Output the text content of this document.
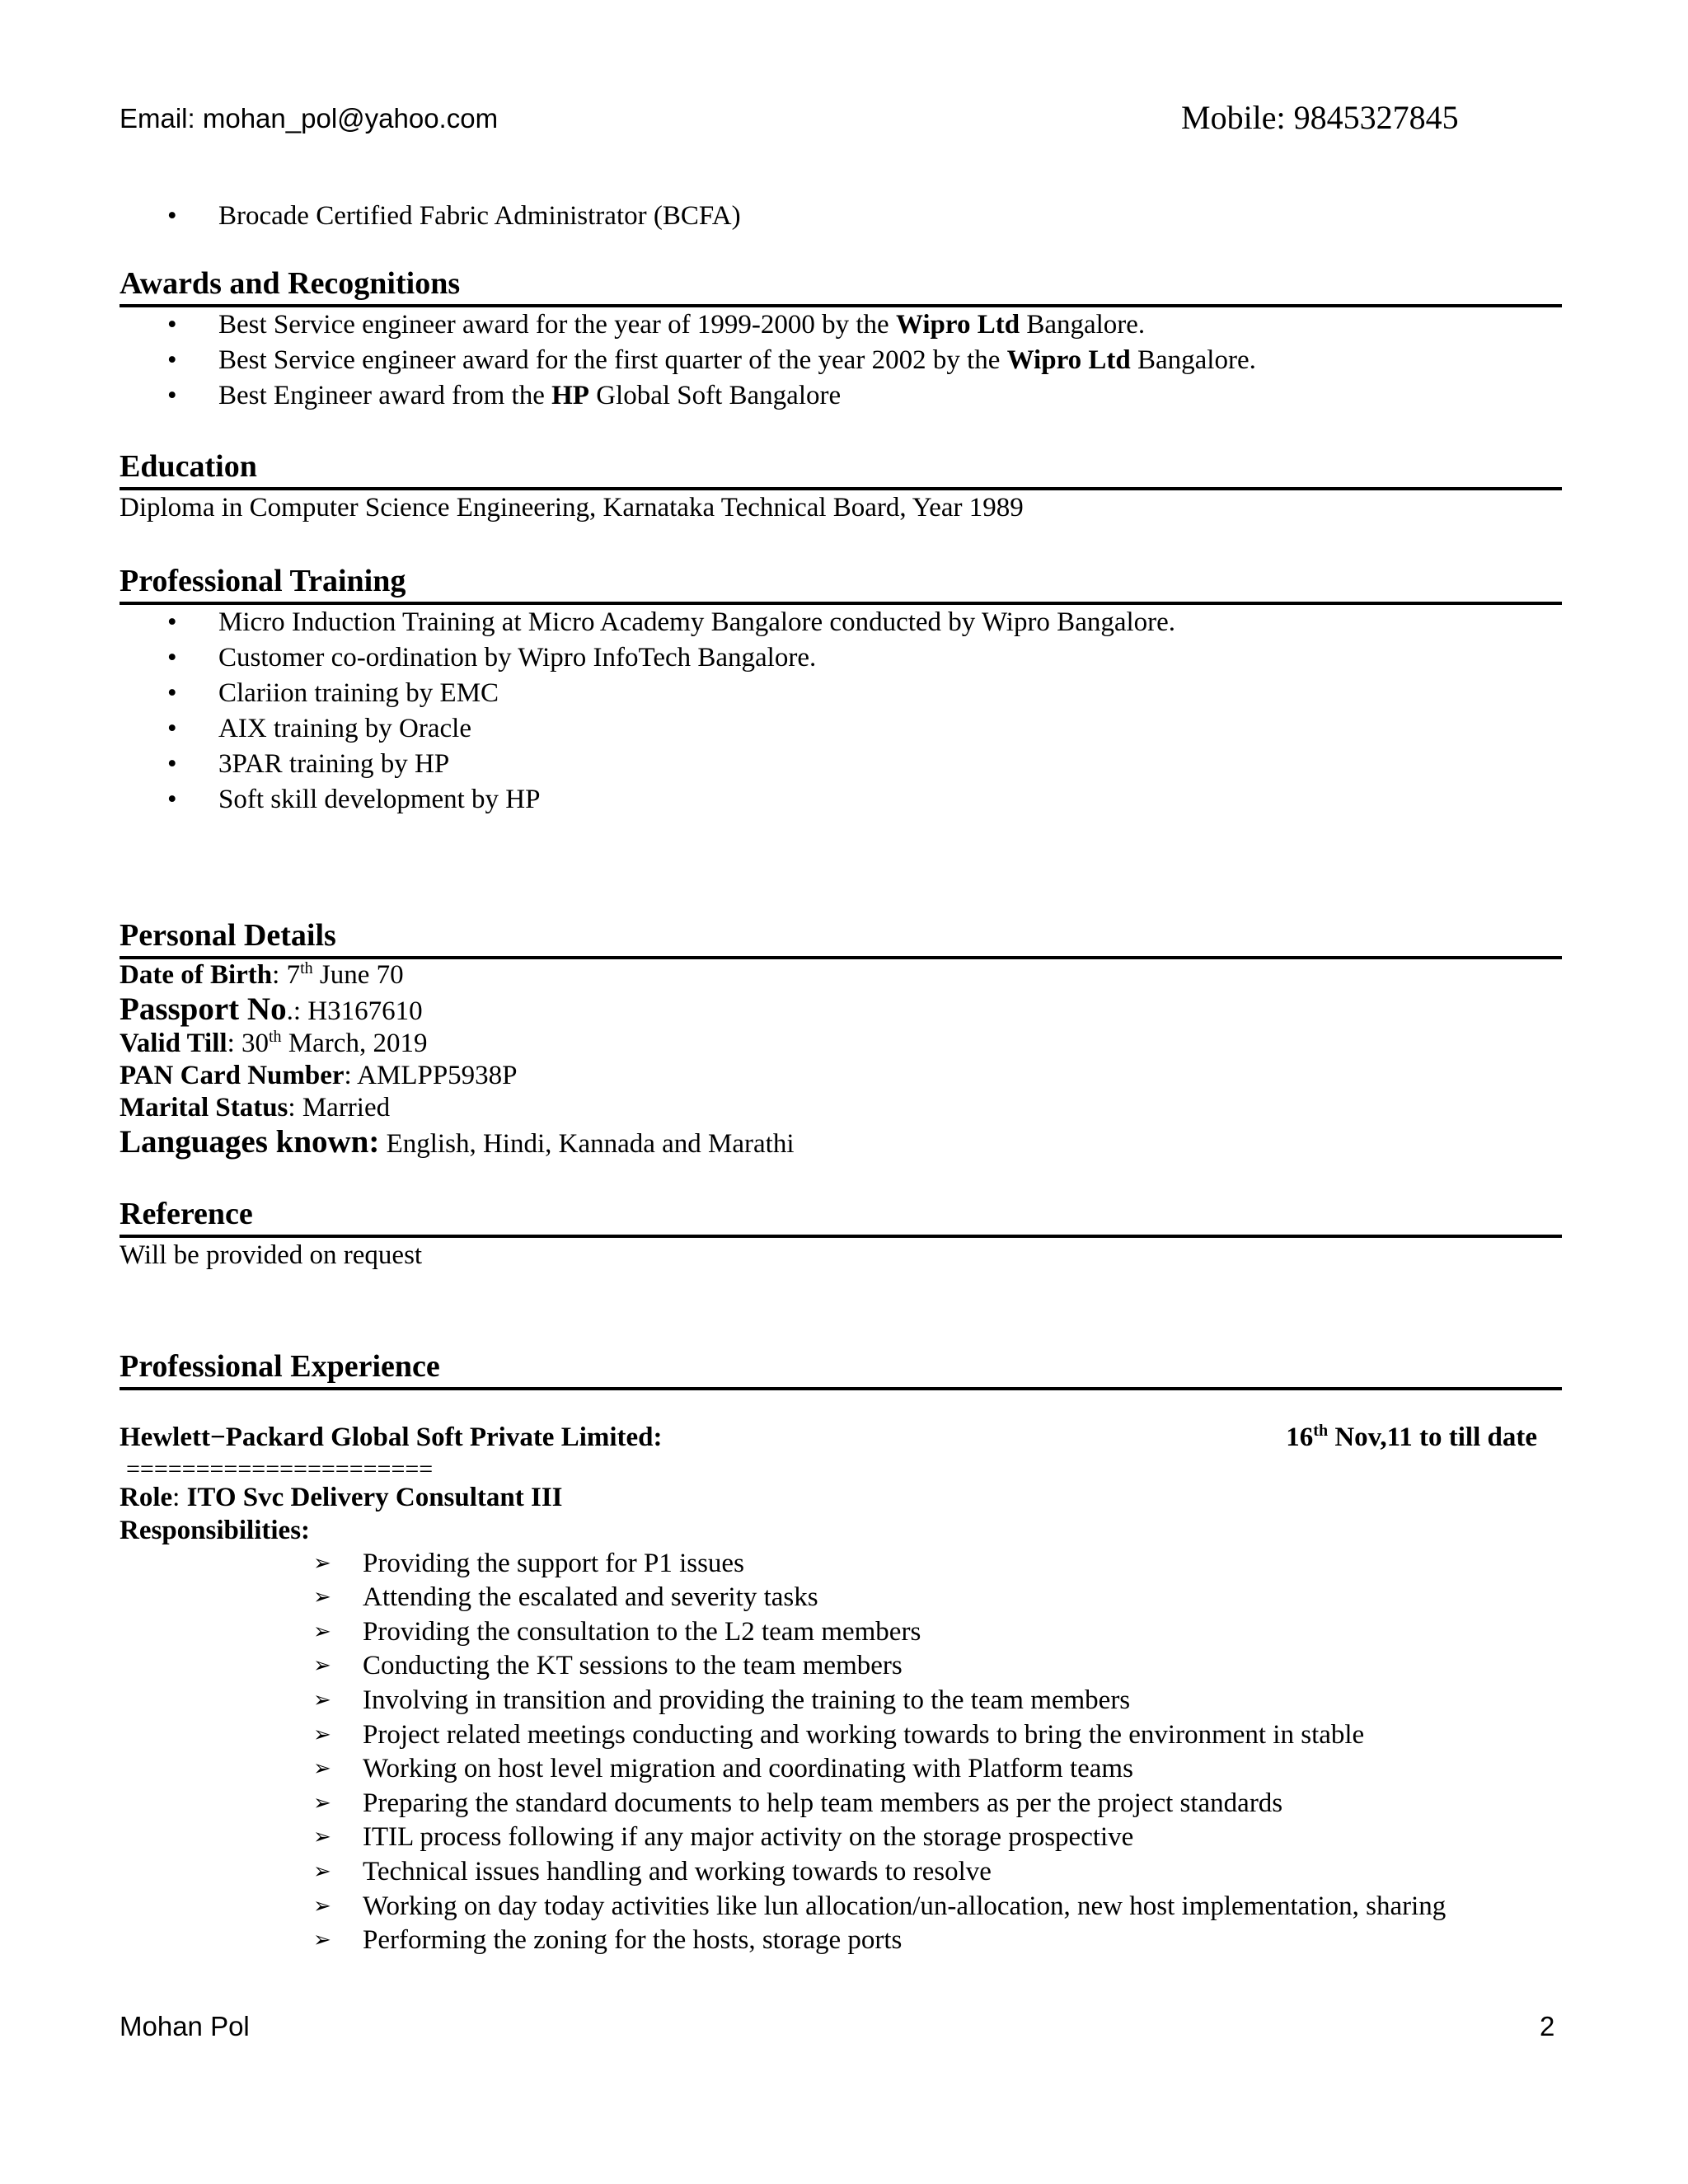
Email: mohan_pol@yahoo.com	Mobile: 9845327845
• Brocade Certified Fabric Administrator (BCFA)
Awards and Recognitions
• Best Service engineer award for the year of 1999-2000 by the Wipro Ltd Bangalore.
• Best Service engineer award for the first quarter of the year 2002 by the Wipro Ltd Bangalore.
• Best Engineer award from the HP Global Soft Bangalore
Education
Diploma in Computer Science Engineering, Karnataka Technical Board, Year 1989
Professional Training
• Micro Induction Training at Micro Academy Bangalore conducted by Wipro Bangalore.
• Customer co-ordination by Wipro InfoTech Bangalore.
• Clariion training by EMC
• AIX training by Oracle
• 3PAR training by HP
• Soft skill development by HP
Personal Details
Date of Birth: 7th June 70
Passport No.: H3167610
Valid Till: 30th March, 2019
PAN Card Number: AMLPP5938P
Marital Status: Married
Languages known: English, Hindi, Kannada and Marathi
Reference
Will be provided on request
Professional Experience
Hewlett−Packard Global Soft Private Limited:	16th Nov,11 to till date
======================
Role: ITO Svc Delivery Consultant III
Responsibilities:
➢ Providing the support for P1 issues
➢ Attending the escalated and severity tasks
➢ Providing the consultation to the L2 team members
➢ Conducting the KT sessions to the team members
➢ Involving in transition and providing the training to the team members
➢ Project related meetings conducting and working towards to bring the environment in stable
➢ Working on host level migration and coordinating with Platform teams
➢ Preparing the standard documents to help team members as per the project standards
➢ ITIL process following if any major activity on the storage prospective
➢ Technical issues handling and working towards to resolve
➢ Working on day today activities like lun allocation/un-allocation, new host implementation, sharing
➢ Performing the zoning for the hosts, storage ports
Mohan Pol	2
